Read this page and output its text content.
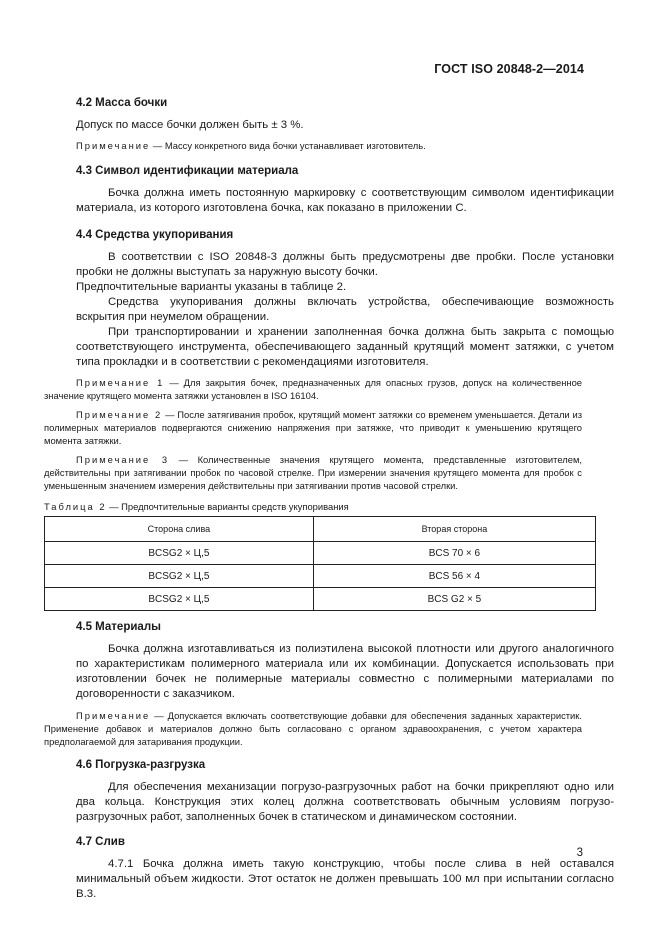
ГОСТ ISO 20848-2—2014
4.2 Масса бочки

Допуск по массе бочки должен быть ± 3 %.

Примечание — Массу конкретного вида бочки устанавливает изготовитель.

4.3 Символ идентификации материала

Бочка должна иметь постоянную маркировку с соответствующим символом идентификации материала, из которого изготовлена бочка, как показано в приложении С.

4.4 Средства укупоривания

В соответствии с ISO 20848-3 должны быть предусмотрены две пробки. После установки пробки не должны выступать за наружную высоту бочки.

Предпочтительные варианты указаны в таблице 2.

Средства укупоривания должны включать устройства, обеспечивающие возможность вскрытия при неумелом обращении.

При транспортировании и хранении заполненная бочка должна быть закрыта с помощью соответствующего инструмента, обеспечивающего заданный крутящий момент затяжки, с учетом типа прокладки и в соответствии с рекомендациями изготовителя.

Примечание 1 — Для закрытия бочек, предназначенных для опасных грузов, допуск на количественное значение крутящего момента затяжки установлен в ISO 16104.

Примечание 2 — После затягивания пробок, крутящий момент затяжки со временем уменьшается. Детали из полимерных материалов подвергаются снижению напряжения при затяжке, что приводит к уменьшению крутящего момента затяжки.

Примечание 3 — Количественные значения крутящего момента, представленные изготовителем, действительны при затягивании пробок по часовой стрелке. При измерении значения крутящего момента для пробок с уменьшенным значением измерения действительны при затягивании против часовой стрелки.

Таблица 2 — Предпочтительные варианты средств укупоривания

Сторона слива	Вторая сторона
BCSG2 × Ц,5	BCS 70 × 6
BCSG2 × Ц,5	BCS 56 × 4
BCSG2 × Ц,5	BCS G2 × 5
4.5 Материалы

Бочка должна изготавливаться из полиэтилена высокой плотности или другого аналогичного по характеристикам полимерного материала или их комбинации. Допускается использовать при изготовлении бочек не полимерные материалы совместно с полимерными материалами по договоренности с заказчиком.

Примечание — Допускается включать соответствующие добавки для обеспечения заданных характеристик. Применение добавок и материалов должно быть согласовано с органом здравоохранения, с учетом характера предполагаемой для затаривания продукции.

4.6 Погрузка-разгрузка

Для обеспечения механизации погрузо-разгрузочных работ на бочки прикрепляют одно или два кольца. Конструкция этих колец должна соответствовать обычным условиям погрузо-разгрузочных работ, заполненных бочек в статическом и динамическом состоянии.

4.7 Слив

4.7.1 Бочка должна иметь такую конструкцию, чтобы после слива в ней оставался минимальный объем жидкости. Этот остаток не должен превышать 100 мл при испытании согласно В.3.

3
